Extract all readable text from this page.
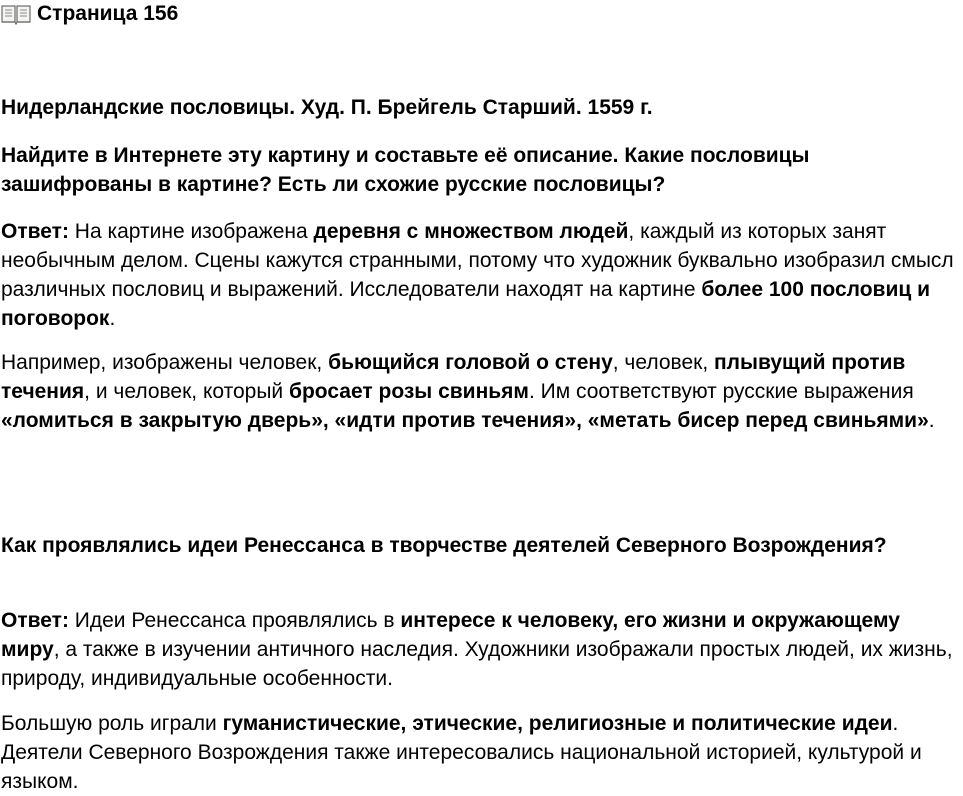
Страница 156

Нидерландские пословицы. Худ. П. Брейгель Старший. 1559 г.

Найдите в Интернете эту картину и составьте её описание. Какие пословицы зашифрованы в картине? Есть ли схожие русские пословицы?

Ответ: На картине изображена деревня с множеством людей, каждый из которых занят необычным делом. Сцены кажутся странными, потому что художник буквально изобразил смысл различных пословиц и выражений. Исследователи находят на картине более 100 пословиц и поговорок.

Например, изображены человек, бьющийся головой о стену, человек, плывущий против течения, и человек, который бросает розы свиньям. Им соответствуют русские выражения «ломиться в закрытую дверь», «идти против течения», «метать бисер перед свиньями».

Как проявлялись идеи Ренессанса в творчестве деятелей Северного Возрождения?

Ответ: Идеи Ренессанса проявлялись в интересе к человеку, его жизни и окружающему миру, а также в изучении античного наследия. Художники изображали простых людей, их жизнь, природу, индивидуальные особенности.

Большую роль играли гуманистические, этические, религиозные и политические идеи. Деятели Северного Возрождения также интересовались национальной историей, культурой и языком.
